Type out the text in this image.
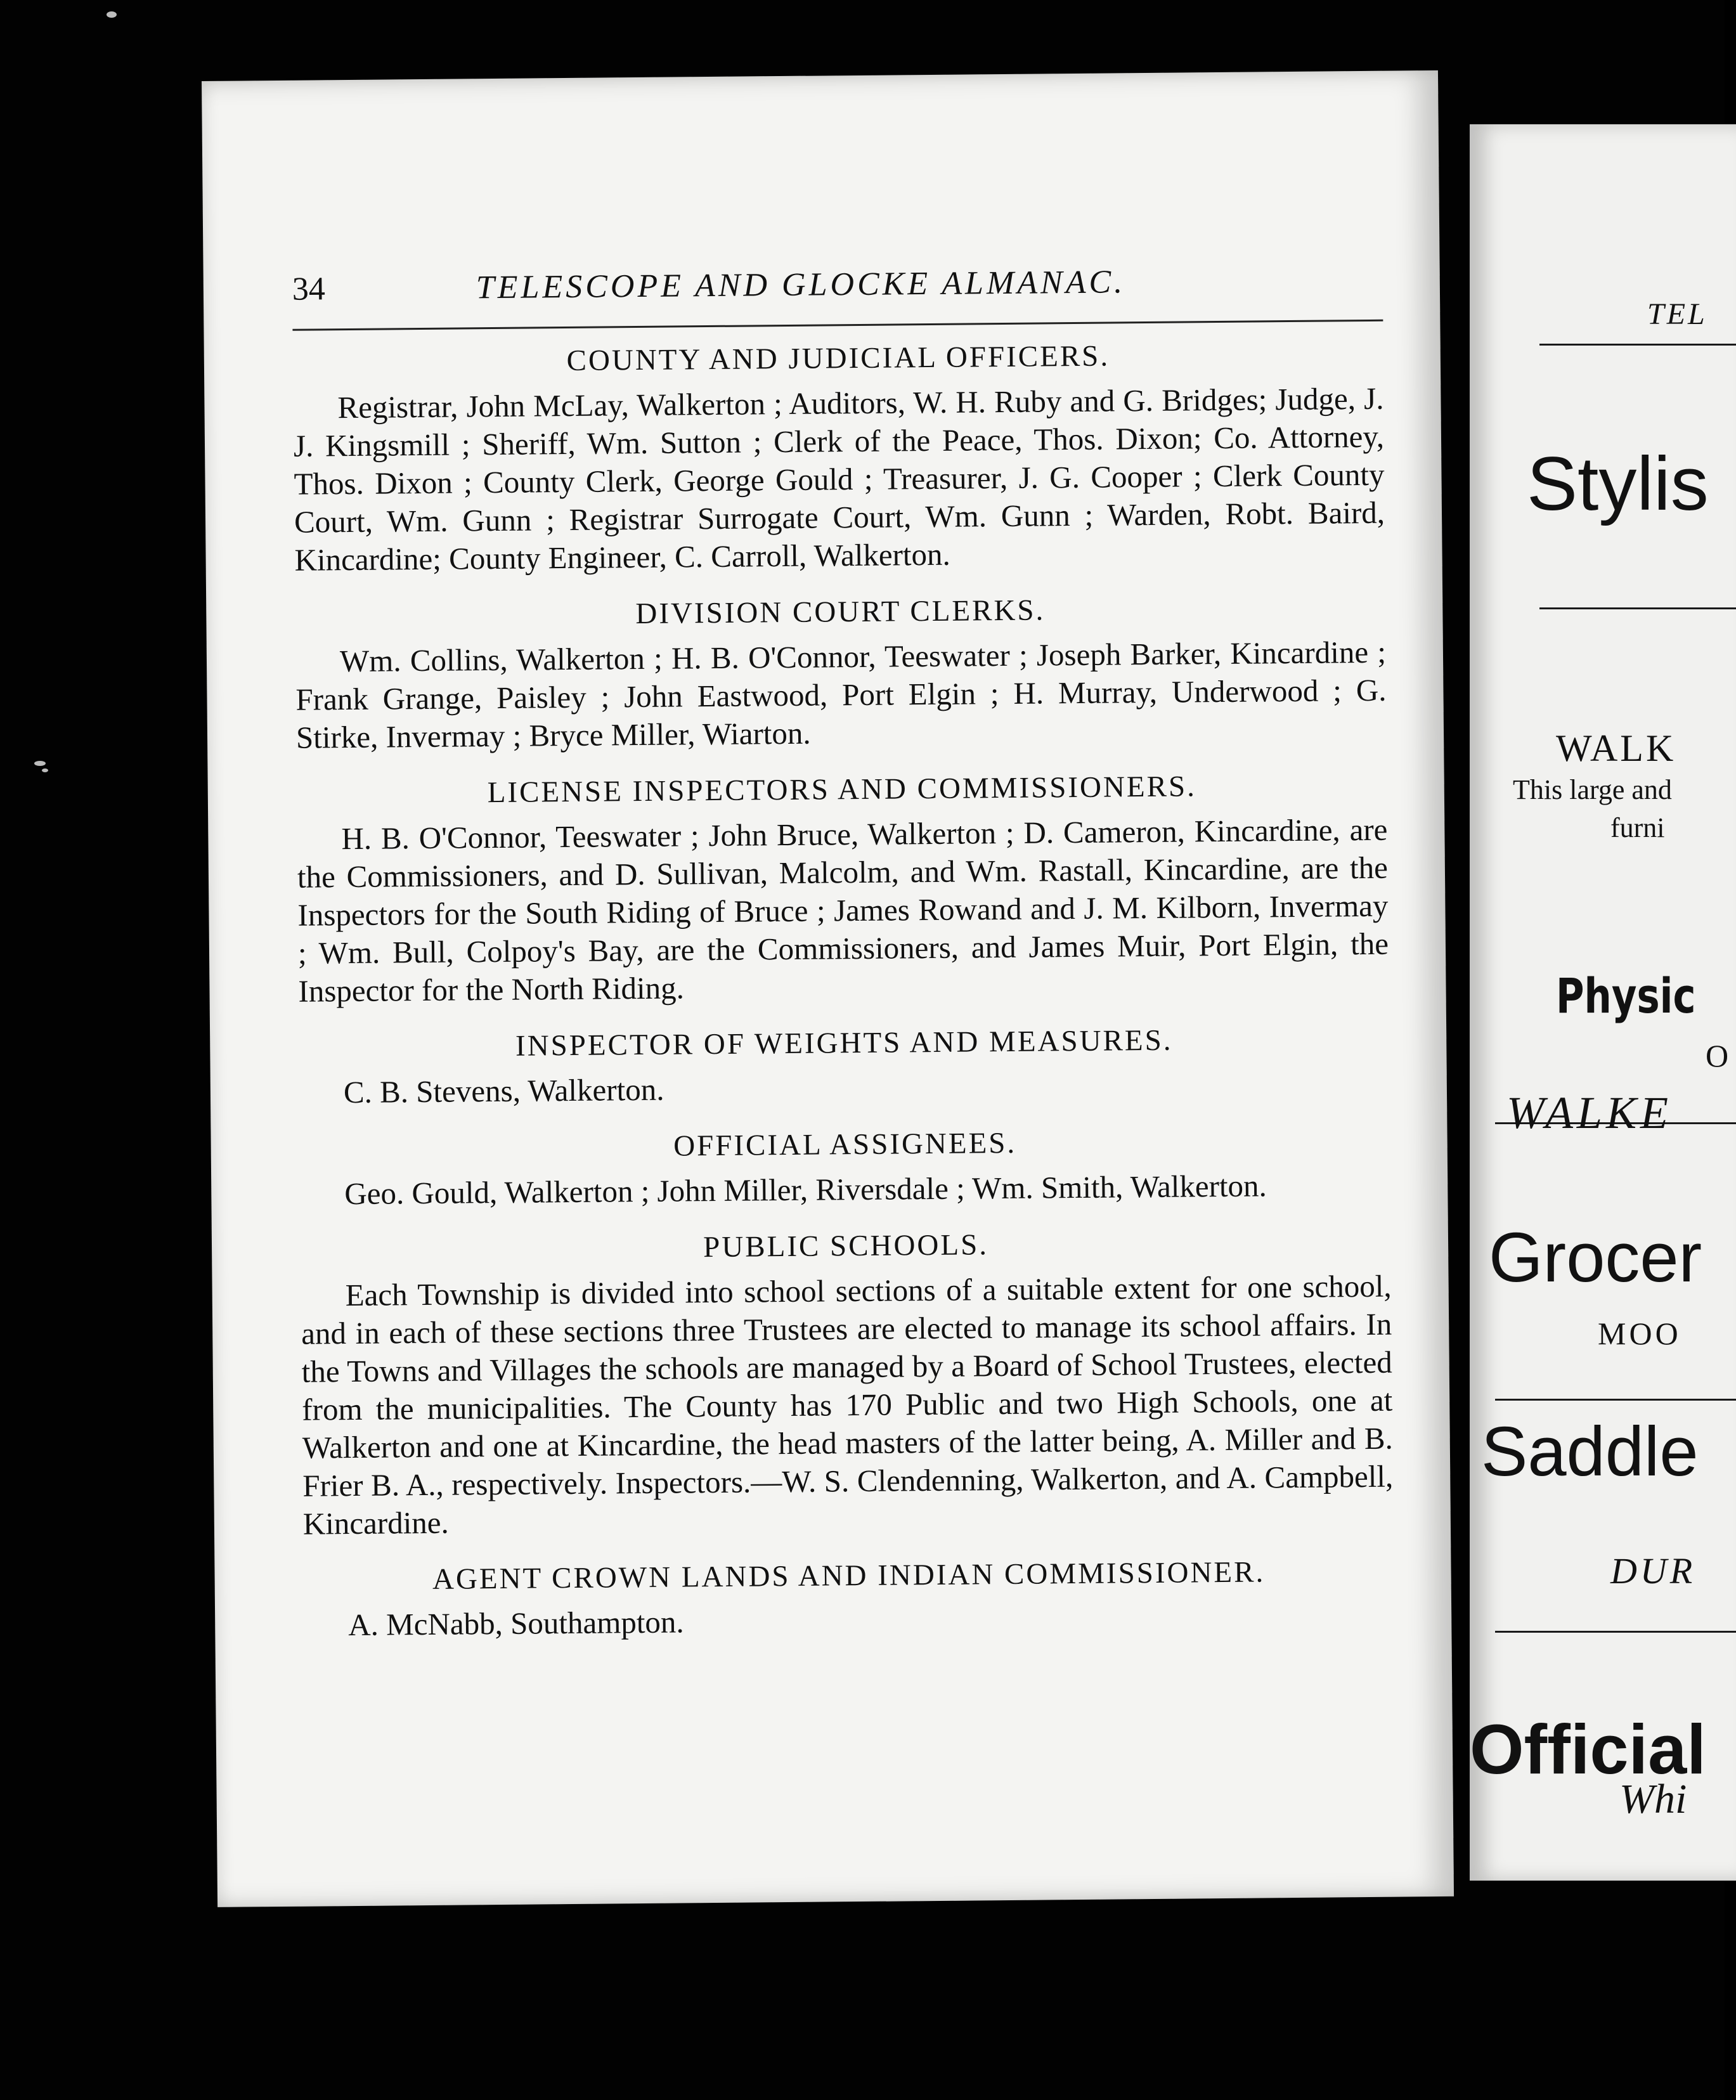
34	TELESCOPE AND GLOCKE ALMANAC.
COUNTY AND JUDICIAL OFFICERS.

Registrar, John McLay, Walkerton ; Auditors, W. H. Ruby and G. Bridges; Judge, J. J. Kingsmill ; Sheriff, Wm. Sutton ; Clerk of the Peace, Thos. Dixon; Co. Attorney, Thos. Dixon ; County Clerk, George Gould ; Treasurer, J. G. Cooper ; Clerk County Court, Wm. Gunn ; Registrar Surrogate Court, Wm. Gunn ; Warden, Robt. Baird, Kincardine; County Engineer, C. Carroll, Walkerton.

DIVISION COURT CLERKS.

Wm. Collins, Walkerton ; H. B. O'Connor, Teeswater ; Joseph Barker, Kincardine ; Frank Grange, Paisley ; John Eastwood, Port Elgin ; H. Murray, Underwood ; G. Stirke, Invermay ; Bryce Miller, Wiarton.

LICENSE INSPECTORS AND COMMISSIONERS.

H. B. O'Connor, Teeswater ; John Bruce, Walkerton ; D. Cameron, Kincardine, are the Commissioners, and D. Sullivan, Malcolm, and Wm. Rastall, Kincardine, are the Inspectors for the South Riding of Bruce ; James Rowand and J. M. Kilborn, Invermay ; Wm. Bull, Colpoy's Bay, are the Commissioners, and James Muir, Port Elgin, the Inspector for the North Riding.

INSPECTOR OF WEIGHTS AND MEASURES.

C. B. Stevens, Walkerton.

OFFICIAL ASSIGNEES.

Geo. Gould, Walkerton ; John Miller, Riversdale ; Wm. Smith, Walkerton.

PUBLIC SCHOOLS.

Each Township is divided into school sections of a suitable extent for one school, and in each of these sections three Trustees are elected to manage its school affairs. In the Towns and Villages the schools are managed by a Board of School Trustees, elected from the municipalities. The County has 170 Public and two High Schools, one at Walkerton and one at Kincardine, the head masters of the latter being, A. Miller and B. Frier B. A., respectively. Inspectors.—W. S. Clendenning, Walkerton, and A. Campbell, Kincardine.

AGENT CROWN LANDS AND INDIAN COMMISSIONER.

A. McNabb, Southampton.

TEL
Stylis
WALK
This large and
furni
Physic
O
WALKE
Grocer
MOO
Saddle
DUR
Official
Whi
